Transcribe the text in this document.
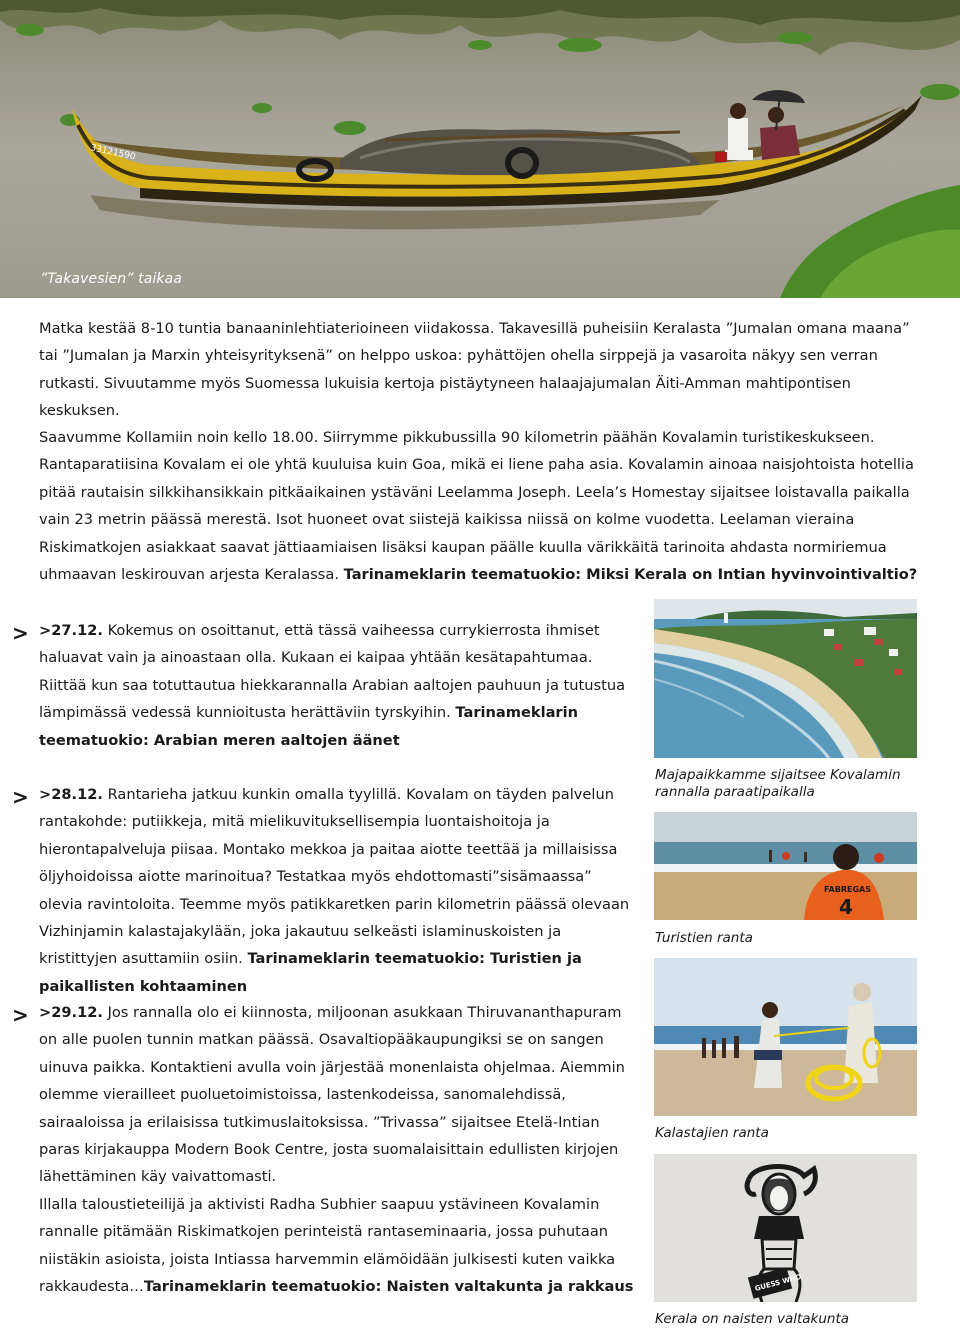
33121590
”Takavesien” taikaa
Matka kestää 8-10 tuntia banaaninlehtiaterioineen viidakossa. Takavesillä puheisiin Keralasta ”Jumalan omana maana” tai ”Jumalan ja Marxin yhteisyrityksenä” on helppo uskoa: pyhättöjen ohella sirppejä ja vasaroita näkyy sen verran rutkasti. Sivuutamme myös Suomessa lukuisia kertoja pistäytyneen halaajajumalan Äiti-Amman mahtipontisen keskuksen.
Saavumme Kollamiin noin kello 18.00. Siirrymme pikkubussilla 90 kilometrin päähän Kovalamin turistikeskukseen. Rantaparatiisina Kovalam ei ole yhtä kuuluisa kuin Goa, mikä ei liene paha asia. Kovalamin ainoaa naisjohtoista hotellia pitää rautaisin silkkihansikkain pitkäaikainen ystäväni Leelamma Joseph. Leela’s Homestay sijaitsee loistavalla paikalla vain 23 metrin päässä merestä. Isot huoneet ovat siistejä kaikissa niissä on kolme vuodetta. Leelaman vieraina Riskimatkojen asiakkaat saavat jättiaamiaisen lisäksi kaupan päälle kuulla värikkäitä tarinoita ahdasta normiriemua uhmaavan leskirouvan arjesta Keralassa. Tarinameklarin teematuokio: Miksi Kerala on Intian hyvinvointivaltio?
> >27.12. Kokemus on osoittanut, että tässä vaiheessa currykierrosta ihmiset haluavat vain ja ainoastaan olla. Kukaan ei kaipaa yhtään kesätapahtumaa. Riittää kun saa totuttautua hiekkarannalla Arabian aaltojen pauhuun ja tutustua lämpimässä vedessä kunnioitusta herättäviin tyrskyihin. Tarinameklarin teematuokio: Arabian meren aaltojen äänet
> >28.12. Rantarieha jatkuu kunkin omalla tyylillä. Kovalam on täyden palvelun rantakohde: putiikkeja, mitä mielikuvituksellisempia luontaishoitoja ja hierontapalveluja piisaa. Montako mekkoa ja paitaa aiotte teettää ja millaisissa öljyhoidoissa aiotte marinoitua? Testatkaa myös ehdottomasti”sisämaassa” olevia ravintoloita. Teemme myös patikkaretken parin kilometrin päässä olevaan Vizhinjamin kalastajakylään, joka jakautuu selkeästi islaminuskoisten ja kristittyjen asuttamiin osiin. Tarinameklarin teematuokio: Turistien ja paikallisten kohtaaminen
> >29.12. Jos rannalla olo ei kiinnosta, miljoonan asukkaan Thiruvananthapuram on alle puolen tunnin matkan päässä. Osavaltiopääkaupungiksi se on sangen uinuva paikka. Kontaktieni avulla voin järjestää monenlaista ohjelmaa. Aiemmin olemme vierailleet puoluetoimistoissa, lastenkodeissa, sanomalehdissä, sairaaloissa ja erilaisissa tutkimuslaitoksissa. ”Trivassa” sijaitsee Etelä-Intian paras kirjakauppa Modern Book Centre, josta suomalaisittain edullisten kirjojen lähettäminen käy vaivattomasti.
Illalla taloustieteilijä ja aktivisti Radha Subhier saapuu ystävineen Kovalamin rannalle pitämään Riskimatkojen perinteistä rantaseminaaria, jossa puhutaan niistäkin asioista, joista Intiassa harvemmin elämöidään julkisesti kuten vaikka rakkaudesta…Tarinameklarin teematuokio: Naisten valtakunta ja rakkaus
Majapaikkamme sijaitsee Kovalamin rannalla paraatipaikalla
FABREGAS
4
Turistien ranta
Kalastajien ranta
GUESS WHO
Kerala on naisten valtakunta
